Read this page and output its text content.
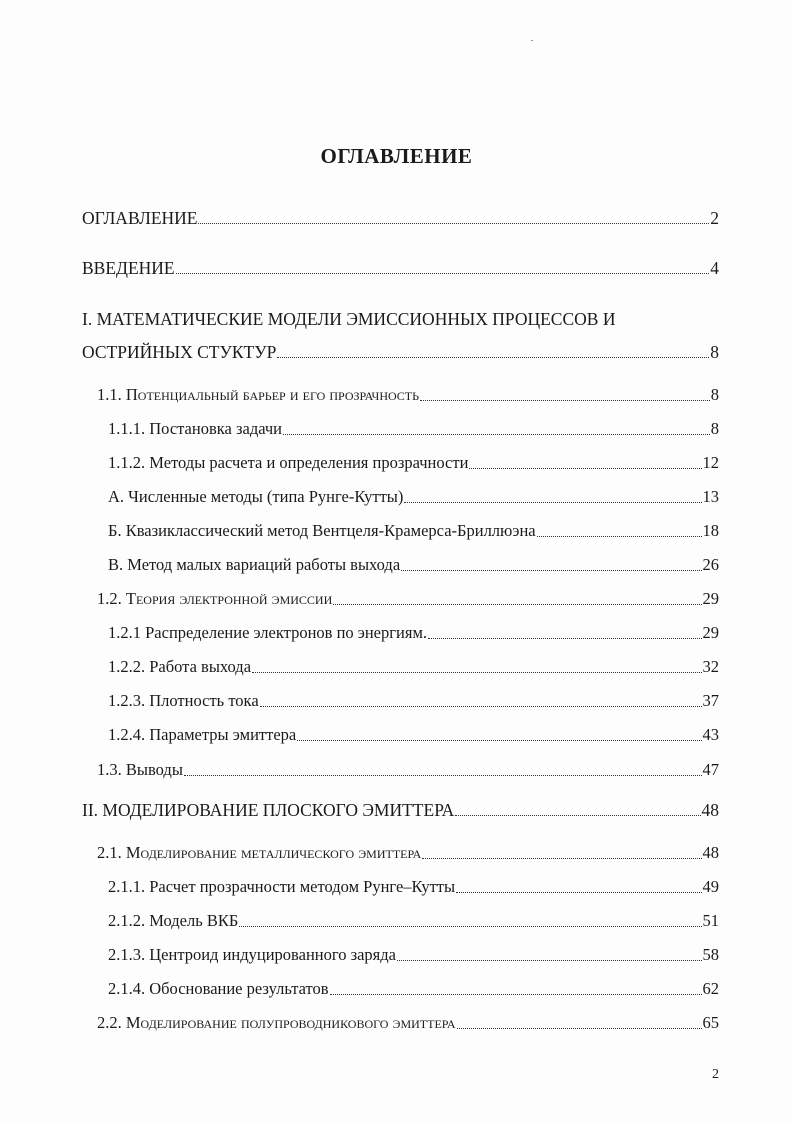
ОГЛАВЛЕНИЕ
ОГЛАВЛЕНИЕ	2
ВВЕДЕНИЕ	4
I. МАТЕМАТИЧЕСКИЕ МОДЕЛИ ЭМИССИОННЫХ ПРОЦЕССОВ И
ОСТРИЙНЫХ СТУКТУР	8
1.1. Потенциальный барьер и его прозрачность	8
1.1.1. Постановка задачи	8
1.1.2. Методы расчета и определения прозрачности	12
А. Численные методы (типа Рунге-Кутты)	13
Б. Квазиклассический метод Вентцеля-Крамерса-Бриллюэна	18
В. Метод малых вариаций работы выхода	26
1.2. Теория электронной эмиссии	29
1.2.1 Распределение электронов по энергиям.	29
1.2.2. Работа выхода	32
1.2.3. Плотность тока	37
1.2.4. Параметры эмиттера	43
1.3. Выводы	47
II. МОДЕЛИРОВАНИЕ ПЛОСКОГО ЭМИТТЕРА	48
2.1. Моделирование металлического эмиттера	48
2.1.1. Расчет прозрачности методом Рунге–Кутты	49
2.1.2. Модель ВКБ	51
2.1.3. Центроид индуцированного заряда	58
2.1.4. Обоснование результатов	62
2.2. Моделирование полупроводникового эмиттера	65
2
